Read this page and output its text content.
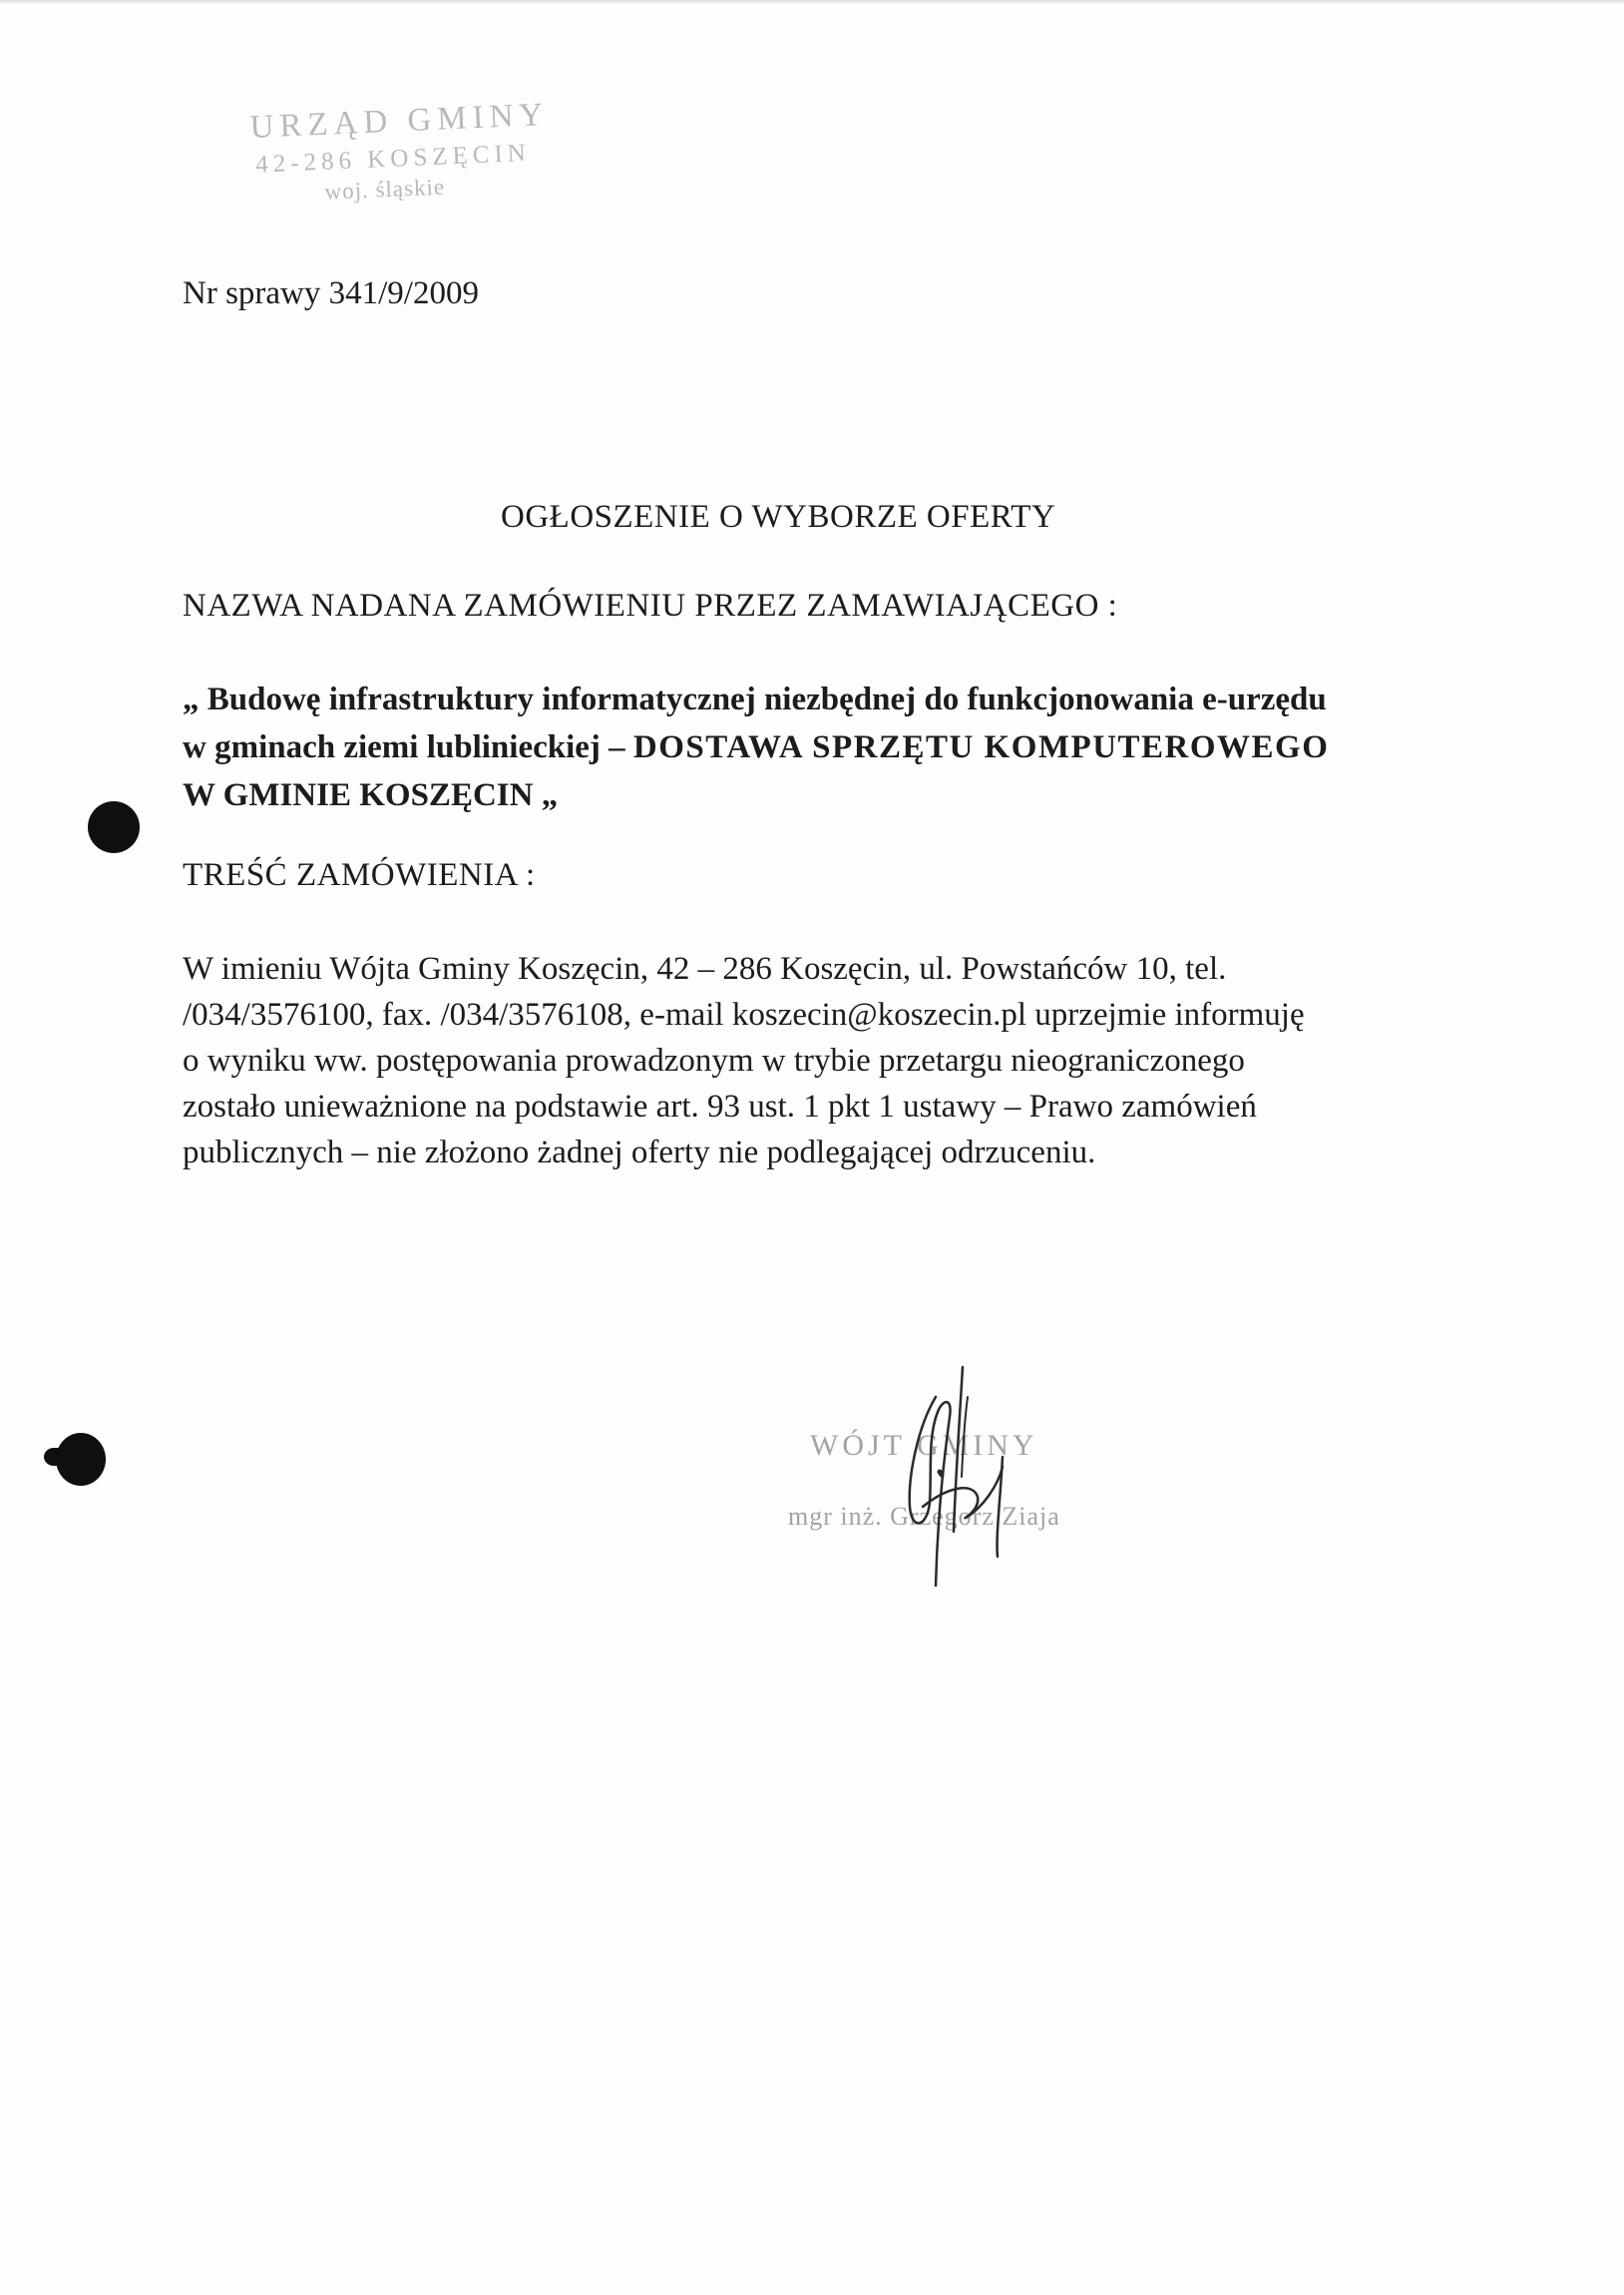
URZĄD GMINY
42-286 KOSZĘCIN
woj. śląskie
Nr sprawy 341/9/2009
OGŁOSZENIE O WYBORZE OFERTY
NAZWA NADANA ZAMÓWIENIU PRZEZ ZAMAWIAJĄCEGO :
„ Budowę infrastruktury informatycznej niezbędnej do funkcjonowania e-urzędu
w gminach ziemi lublinieckiej – DOSTAWA SPRZĘTU KOMPUTEROWEGO
W GMINIE KOSZĘCIN „
TREŚĆ ZAMÓWIENIA :
W imieniu Wójta Gminy Koszęcin, 42 – 286 Koszęcin, ul. Powstańców 10, tel.
/034/3576100, fax. /034/3576108, e-mail koszecin@koszecin.pl uprzejmie informuję
o wyniku ww. postępowania prowadzonym w trybie przetargu nieograniczonego
zostało unieważnione na podstawie art. 93 ust. 1 pkt 1 ustawy – Prawo zamówień
publicznych – nie złożono żadnej oferty nie podlegającej odrzuceniu.
WÓJT GMINY
mgr inż. Grzegorz Ziaja
